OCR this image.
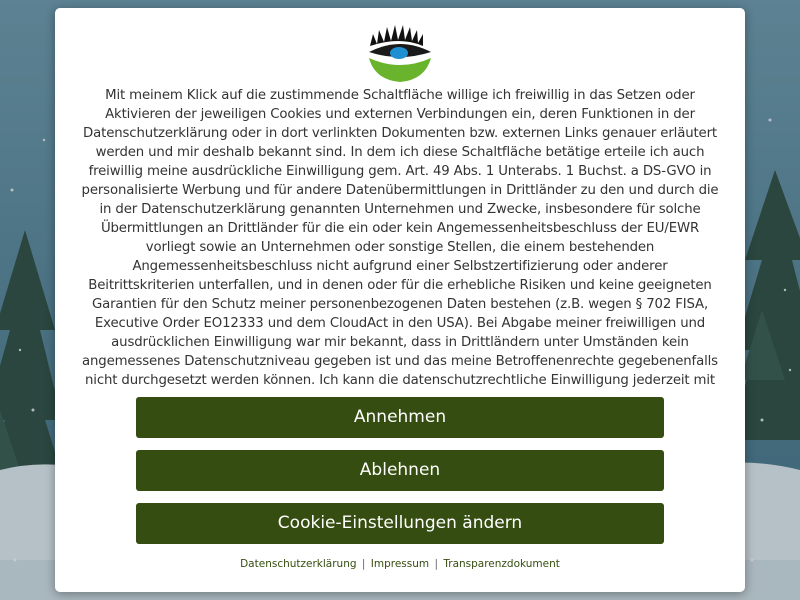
Mit meinem Klick auf die zustimmende Schaltfläche willige ich freiwillig in das Setzen oder Aktivieren der jeweiligen Cookies und externen Verbindungen ein, deren Funktionen in der Datenschutzerklärung oder in dort verlinkten Dokumenten bzw. externen Links genauer erläutert werden und mir deshalb bekannt sind. In dem ich diese Schaltfläche betätige erteile ich auch freiwillig meine ausdrückliche Einwilligung gem. Art. 49 Abs. 1 Unterabs. 1 Buchst. a DS-GVO in personalisierte Werbung und für andere Datenübermittlungen in Drittländer zu den und durch die in der Datenschutzerklärung genannten Unternehmen und Zwecke, insbesondere für solche Übermittlungen an Drittländer für die ein oder kein Angemessenheitsbeschluss der EU/EWR vorliegt sowie an Unternehmen oder sonstige Stellen, die einem bestehenden Angemessenheitsbeschluss nicht aufgrund einer Selbstzertifizierung oder anderer Beitrittskriterien unterfallen, und in denen oder für die erhebliche Risiken und keine geeigneten Garantien für den Schutz meiner personenbezogenen Daten bestehen (z.B. wegen § 702 FISA, Executive Order EO12333 und dem CloudAct in den USA). Bei Abgabe meiner freiwilligen und ausdrücklichen Einwilligung war mir bekannt, dass in Drittländern unter Umständen kein angemessenes Datenschutzniveau gegeben ist und das meine Betroffenenrechte gegebenenfalls nicht durchgesetzt werden können. Ich kann die datenschutzrechtliche Einwilligung jederzeit mit

Annehmen
Ablehnen
Cookie-Einstellungen ändern
Datenschutzerklärung | Impressum | Transparenzdokument
